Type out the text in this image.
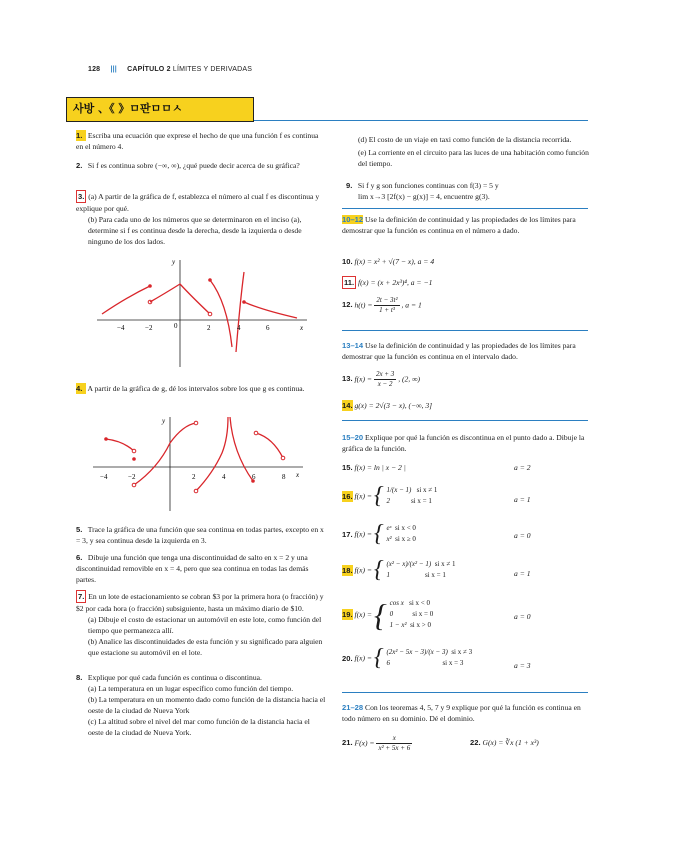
128 ||| CAPÍTULO 2 LÍMITES Y DERIVADAS
사방 、《 》ㅁ판ㅁㅁㅅ
1. Escriba una ecuación que exprese el hecho de que una función f es continua en el número 4.
2. Si f es continua sobre (−∞, ∞), ¿qué puede decir acerca de su gráfica?
3. (a) A partir de la gráfica de f, establezca el número al cual f es discontinua y explique por qué.

(b) Para cada uno de los números que se determinaron en el inciso (a), determine si f es continua desde la derecha, desde la izquierda o desde ninguno de los dos lados.
y
x
−4	−2	0	2	4	6
4. A partir de la gráfica de g, dé los intervalos sobre los que g es continua.
y
x
−4	−2	2	4	6	8
5. Trace la gráfica de una función que sea continua en todas partes, excepto en x = 3, y sea continua desde la izquierda en 3.
6. Dibuje una función que tenga una discontinuidad de salto en x = 2 y una discontinuidad removible en x = 4, pero que sea continua en todas las demás partes.
7. En un lote de estacionamiento se cobran $3 por la primera hora (o fracción) y $2 por cada hora (o fracción) subsiguiente, hasta un máximo diario de $10.
(a) Dibuje el costo de estacionar un automóvil en este lote, como función del tiempo que permanezca allí.
(b) Analice las discontinuidades de esta función y su significado para alguien que estacione su automóvil en el lote.
8. Explique por qué cada función es continua o discontinua.
(a) La temperatura en un lugar específico como función del tiempo.
(b) La temperatura en un momento dado como función de la distancia hacia el oeste de la ciudad de Nueva York
(c) La altitud sobre el nivel del mar como función de la distancia hacia el oeste de la ciudad de Nueva York.
(d) El costo de un viaje en taxi como función de la distancia recorrida.
(e) La corriente en el circuito para las luces de una habitación como función del tiempo.
9. Si f y g son funciones continuas con f(3) = 5 y
lim x→3 [2f(x) − g(x)] = 4, encuentre g(3).
10–12 Use la definición de continuidad y las propiedades de los límites para demostrar que la función es continua en el número a dado.
10. f(x) = x² + √(7 − x), a = 4
11. f(x) = (x + 2x³)⁴, a = −1
12. $h(t) = \frac{\text{2t − 3t²}}{\text{1 + t³}}$ , a = 1
13–14 Use la definición de continuidad y las propiedades de los límites para demostrar que la función es continua en el intervalo dado.
13. $f(x) = \frac{2x + 3}{x - 2}$ , (2, ∞)
14. g(x) = 2√(3 − x), (−∞, 3]
15–20 Explique por qué la función es discontinua en el punto dado a. Dibuje la gráfica de la función.
15. f(x) = ln | x − 2 |	a = 2
16. f(x) = { 1/(x − 1) si x ≠ 1
2	si x = 1	a = 1
17. f(x) = { eˣ si x < 0
x² si x ≥ 0	a = 0
18. f(x) = { (x² − x)/(x² − 1) si x ≠ 1
1	si x = 1	a = 1
19. f(x) = { cos x si x < 0
0	si x = 0
1 − x² si x > 0
a = 0
20. f(x) = { (2x² − 5x − 3)/(x − 3) si x ≠ 3
6	si x = 3	a = 3
21–28 Con los teoremas 4, 5, 7 y 9 explique por qué la función es continua en todo número en su dominio. Dé el dominio.
21. $F(x) = \frac{x}{\text{x² + 5x + 6}}$	22. G(x) = ∛x (1 + x³)
